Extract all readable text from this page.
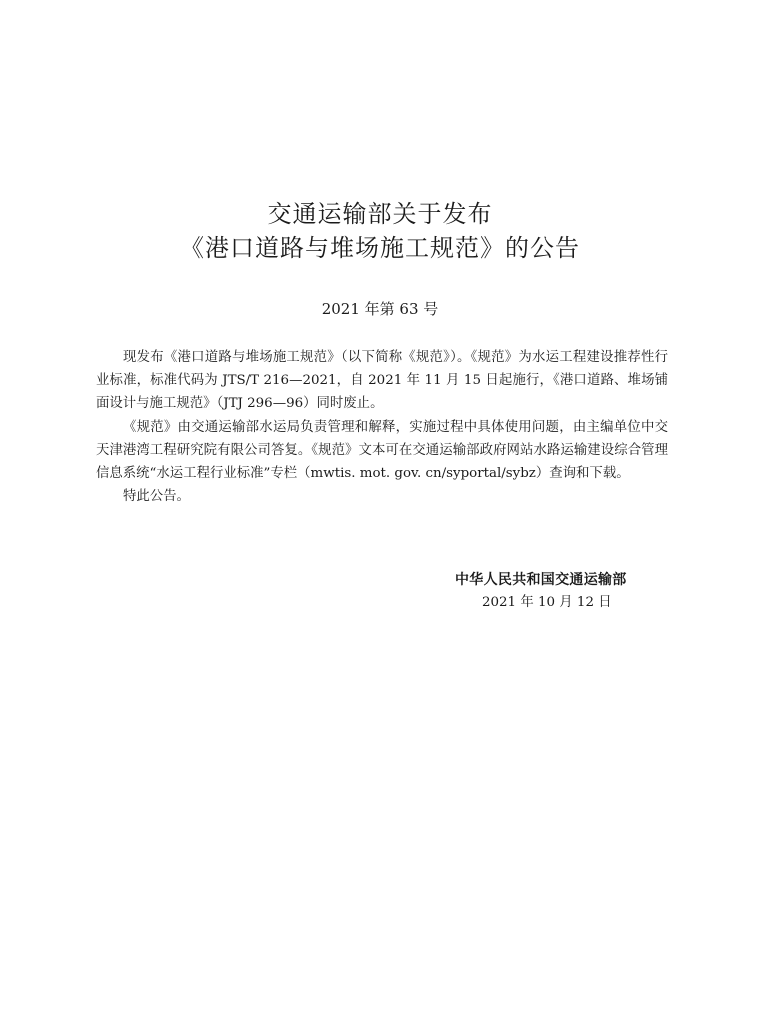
交通运输部关于发布
《港口道路与堆场施工规范》的公告
2021 年第 63 号

现发布《港口道路与堆场施工规范》（以下简称《规范》）。《规范》为水运工程建设推荐性行业标准，标准代码为 JTS/T 216—2021，自 2021 年 11 月 15 日起施行，《港口道路、堆场铺面设计与施工规范》（JTJ 296—96）同时废止。

《规范》由交通运输部水运局负责管理和解释，实施过程中具体使用问题，由主编单位中交天津港湾工程研究院有限公司答复。《规范》文本可在交通运输部政府网站水路运输建设综合管理信息系统“水运工程行业标准”专栏（mwtis. mot. gov. cn/syportal/sybz）查询和下载。

特此公告。

中华人民共和国交通运输部
2021 年 10 月 12 日
